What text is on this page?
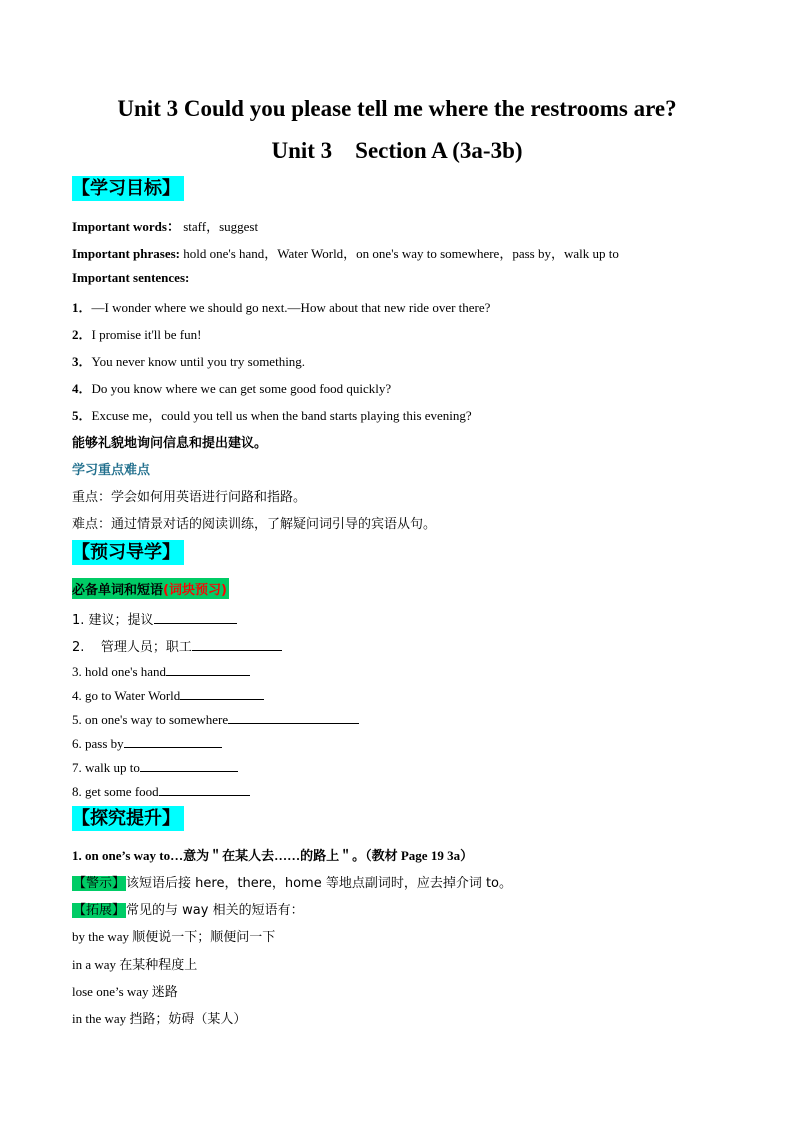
Unit 3 Could you please tell me where the restrooms are?
Unit 3    Section A (3a-3b)
【学习目标】
Important words： staff，suggest
Important phrases: hold one's hand，Water World，on one's way to somewhere，pass by，walk up to
Important sentences:
1．—I wonder where we should go next.—How about that new ride over there?
2．I promise it'll be fun!
3．You never know until you try something.
4．Do you know where we can get some good food quickly?
5．Excuse me，could you tell us when the band starts playing this evening?
能够礼貌地询问信息和提出建议。
学习重点难点
重点：学会如何用英语进行问路和指路。
难点：通过情景对话的阅读训练，了解疑问词引导的宾语从句。
【预习导学】
必备单词和短语(词块预习)
1. 建议；提议
2.    管理人员；职工
3. hold one's hand
4. go to Water World
5. on one's way to somewhere
6. pass by
7. walk up to
8. get some food
【探究提升】
1. on one’s way to…意为＂在某人去……的路上＂。（教材 Page 19 3a）
【警示】该短语后接 here，there，home 等地点副词时，应去掉介词 to。
【拓展】常见的与 way 相关的短语有：
by the way 顺便说一下；顺便问一下
in a way 在某种程度上
lose one’s way 迷路
in the way 挡路；妨碍（某人）
